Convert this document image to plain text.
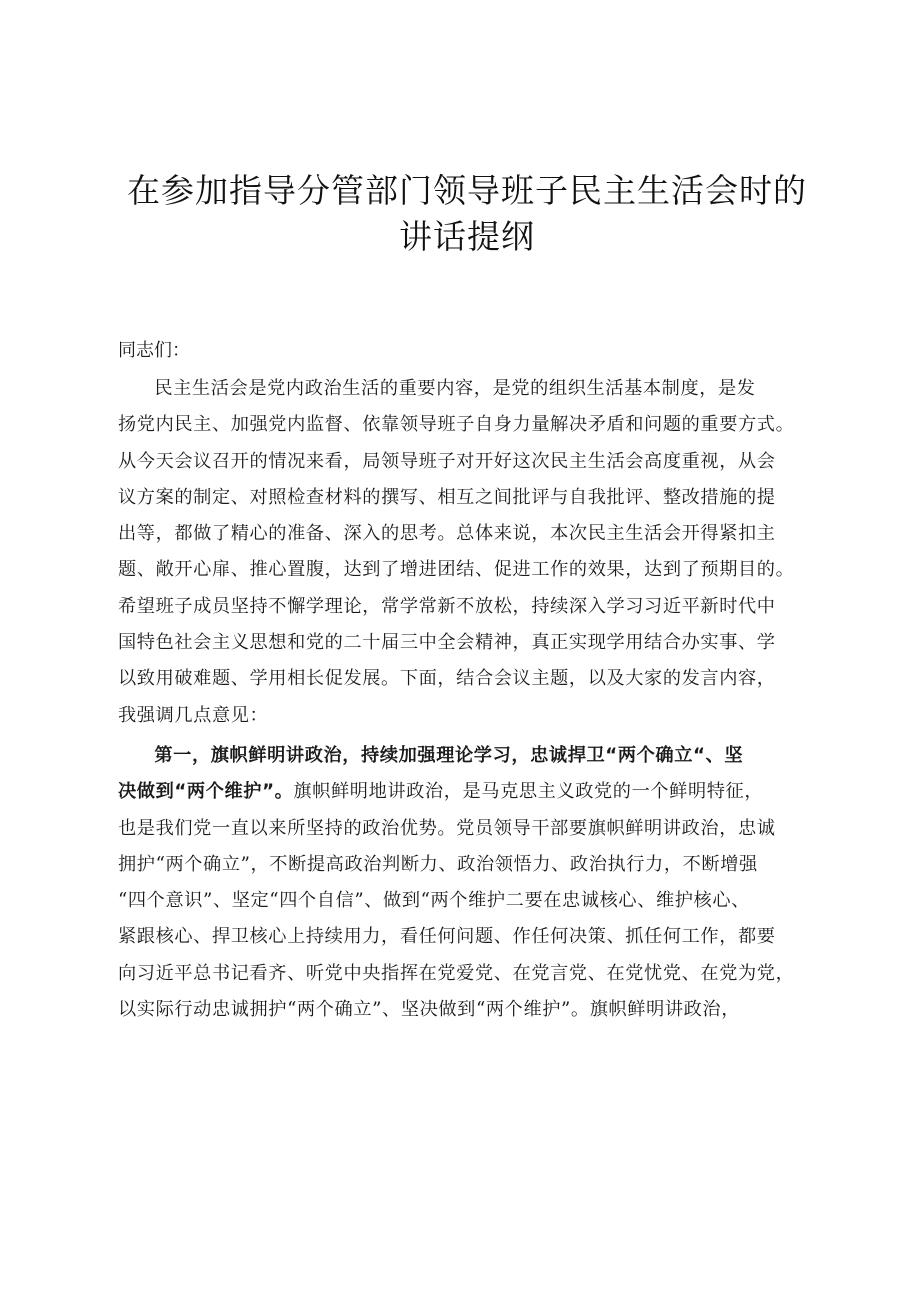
在参加指导分管部门领导班子民主生活会时的
讲话提纲

同志们：

民主生活会是党内政治生活的重要内容，是党的组织生活基本制度，是发
扬党内民主、加强党内监督、依靠领导班子自身力量解决矛盾和问题的重要方式。
从今天会议召开的情况来看，局领导班子对开好这次民主生活会高度重视，从会
议方案的制定、对照检查材料的撰写、相互之间批评与自我批评、整改措施的提
出等，都做了精心的准备、深入的思考。总体来说，本次民主生活会开得紧扣主
题、敞开心扉、推心置腹，达到了增进团结、促进工作的效果，达到了预期目的。
希望班子成员坚持不懈学理论，常学常新不放松，持续深入学习习近平新时代中
国特色社会主义思想和党的二十届三中全会精神，真正实现学用结合办实事、学
以致用破难题、学用相长促发展。下面，结合会议主题，以及大家的发言内容，
我强调几点意见：

第一，旗帜鲜明讲政治，持续加强理论学习，忠诚捍卫“两个确立“、坚
决做到“两个维护”。旗帜鲜明地讲政治，是马克思主义政党的一个鲜明特征，
也是我们党一直以来所坚持的政治优势。党员领导干部要旗帜鲜明讲政治，忠诚
拥护“两个确立”，不断提高政治判断力、政治领悟力、政治执行力，不断增强
“四个意识”、坚定“四个自信”、做到“两个维护二要在忠诚核心、维护核心、
紧跟核心、捍卫核心上持续用力，看任何问题、作任何决策、抓任何工作，都要
向习近平总书记看齐、听党中央指挥在党爱党、在党言党、在党忧党、在党为党，
以实际行动忠诚拥护“两个确立”、坚决做到“两个维护”。旗帜鲜明讲政治，
